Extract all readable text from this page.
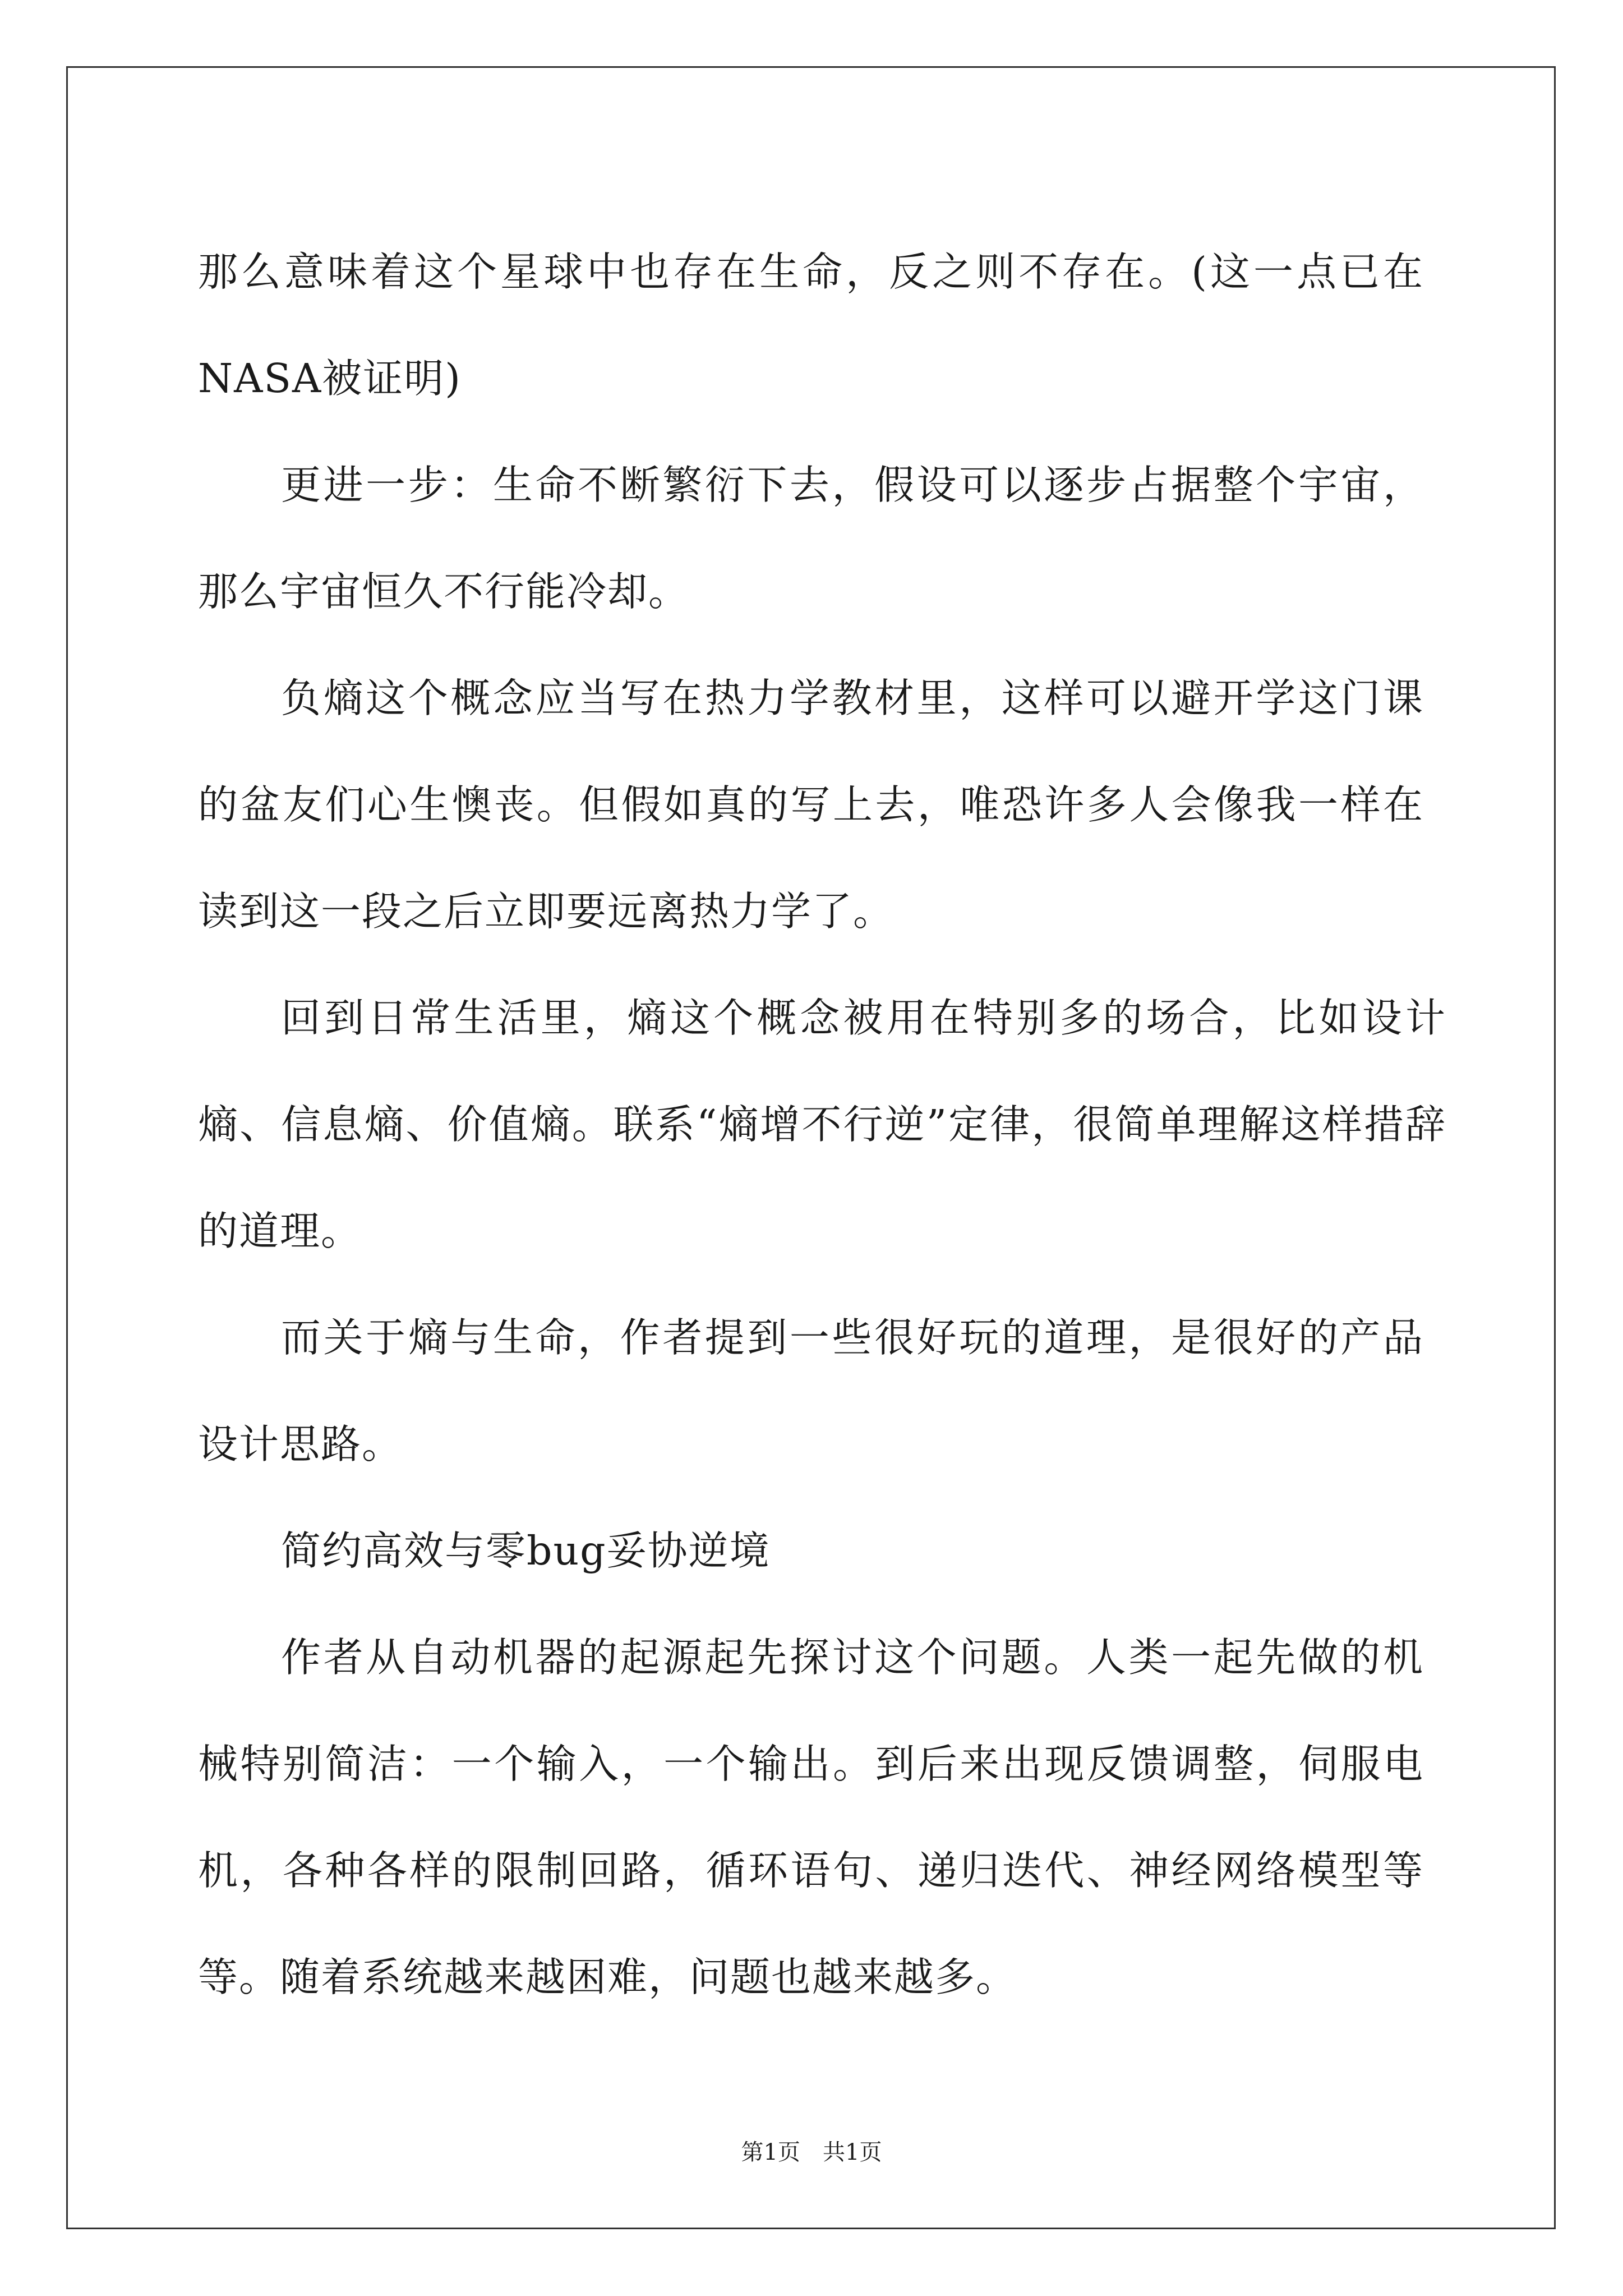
那么意味着这个星球中也存在生命，反之则不存在。(这一点已在NASA被证明)

更进一步：生命不断繁衍下去，假设可以逐步占据整个宇宙，那么宇宙恒久不行能冷却。

负熵这个概念应当写在热力学教材里，这样可以避开学这门课的盆友们心生懊丧。但假如真的写上去，唯恐许多人会像我一样在读到这一段之后立即要远离热力学了。

回到日常生活里，熵这个概念被用在特别多的场合，比如设计熵、信息熵、价值熵。联系“熵增不行逆”定律，很简单理解这样措辞的道理。

而关于熵与生命，作者提到一些很好玩的道理，是很好的产品设计思路。

简约高效与零bug妥协逆境

作者从自动机器的起源起先探讨这个问题。人类一起先做的机械特别简洁：一个输入，一个输出。到后来出现反馈调整，伺服电机，各种各样的限制回路，循环语句、递归迭代、神经网络模型等等。随着系统越来越困难，问题也越来越多。

第1页 共1页
